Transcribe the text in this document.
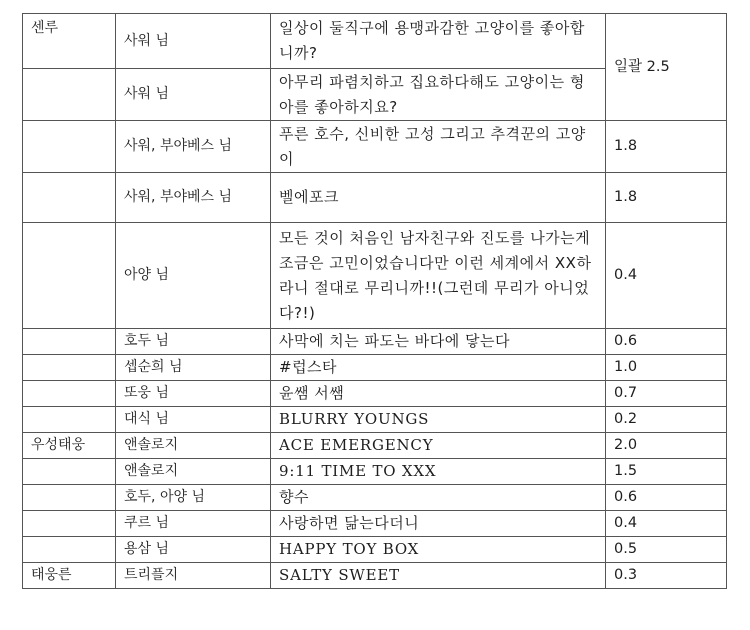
센루	사워 님	일상이 둘직구에 용맹과감한 고양이를 좋아합니까?	일괄 2.5
	사워 님	아무리 파렴치하고 집요하다해도 고양이는 형아를 좋아하지요?	
	사워, 부야베스 님	푸른 호수, 신비한 고성 그리고 추격꾼의 고양이	1.8
	사워, 부야베스 님	벨에포크	1.8
	아양 님	모든 것이 처음인 남자친구와 진도를 나가는게 조금은 고민이었습니다만 이런 세계에서 XX하라니 절대로 무리니까!!(그런데 무리가 아니었다?!)	0.4
	호두 님	사막에 치는 파도는 바다에 닿는다	0.6
	셉순희 님	#럽스타	1.0
	또웅 님	윤쌤 서쌤	0.7
	대식 님	BLURRY YOUNGS	0.2
우성태웅	앤솔로지	ACE EMERGENCY	2.0
	앤솔로지	9:11 TIME TO XXX	1.5
	호두, 아양 님	향수	0.6
	쿠르 님	사랑하면 닮는다더니	0.4
	용삼 님	HAPPY TOY BOX	0.5
태웅른	트리플지	SALTY SWEET	0.3
